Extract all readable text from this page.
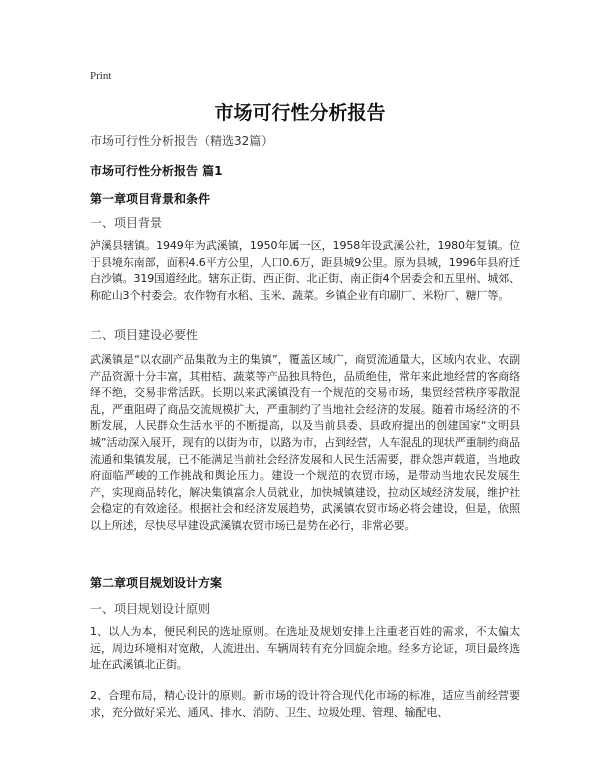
Print
市场可行性分析报告

市场可行性分析报告（精选32篇）

市场可行性分析报告 篇1

第一章项目背景和条件

一、项目背景

泸溪县辖镇。1949年为武溪镇，1950年属一区，1958年设武溪公社，1980年复镇。位于县境东南部，面积4.6平方公里，人口0.6万，距县城9公里。原为县城，1996年县府迁白沙镇。319国道经此。辖东正街、西正街、北正街、南正街4个居委会和五里州、城郊、称砣山3个村委会。农作物有水稻、玉米、蔬菜。乡镇企业有印刷厂、米粉厂、糖厂等。

二、项目建设必要性

武溪镇是“以农副产品集散为主的集镇”，覆盖区域广，商贸流通量大，区域内农业、农副产品资源十分丰富，其柑桔、蔬菜等产品独具特色，品质绝佳，常年来此地经营的客商络绎不绝，交易非常活跃。长期以来武溪镇没有一个规范的交易市场，集贸经营秩序零散混乱，严重阻碍了商品交流规模扩大，严重制约了当地社会经济的发展。随着市场经济的不断发展，人民群众生活水平的不断提高，以及当前县委、县政府提出的创建国家“文明县城”活动深入展开，现有的以街为市，以路为市，占到经营，人车混乱的现状严重制约商品流通和集镇发展，已不能满足当前社会经济发展和人民生活需要，群众怨声载道，当地政府面临严峻的工作挑战和舆论压力。建设一个规范的农贸市场，是带动当地农民发展生产，实现商品转化，解决集镇富余人员就业，加快城镇建设，拉动区域经济发展，维护社会稳定的有效途径。根据社会和经济发展趋势，武溪镇农贸市场必将会建设，但是，依照以上所述，尽快尽早建设武溪镇农贸市场已是势在必行，非常必要。

第二章项目规划设计方案

一、项目规划设计原则

1、以人为本，便民利民的选址原则。在选址及规划安排上注重老百姓的需求，不太偏太远，周边环境相对宽敞，人流进出、车辆周转有充分回旋余地。经多方论证，项目最终选址在武溪镇北正街。

2、合理布局，精心设计的原则。新市场的设计符合现代化市场的标准，适应当前经营要求，充分做好采光、通风、排水、消防、卫生、垃圾处理、管理、输配电、
